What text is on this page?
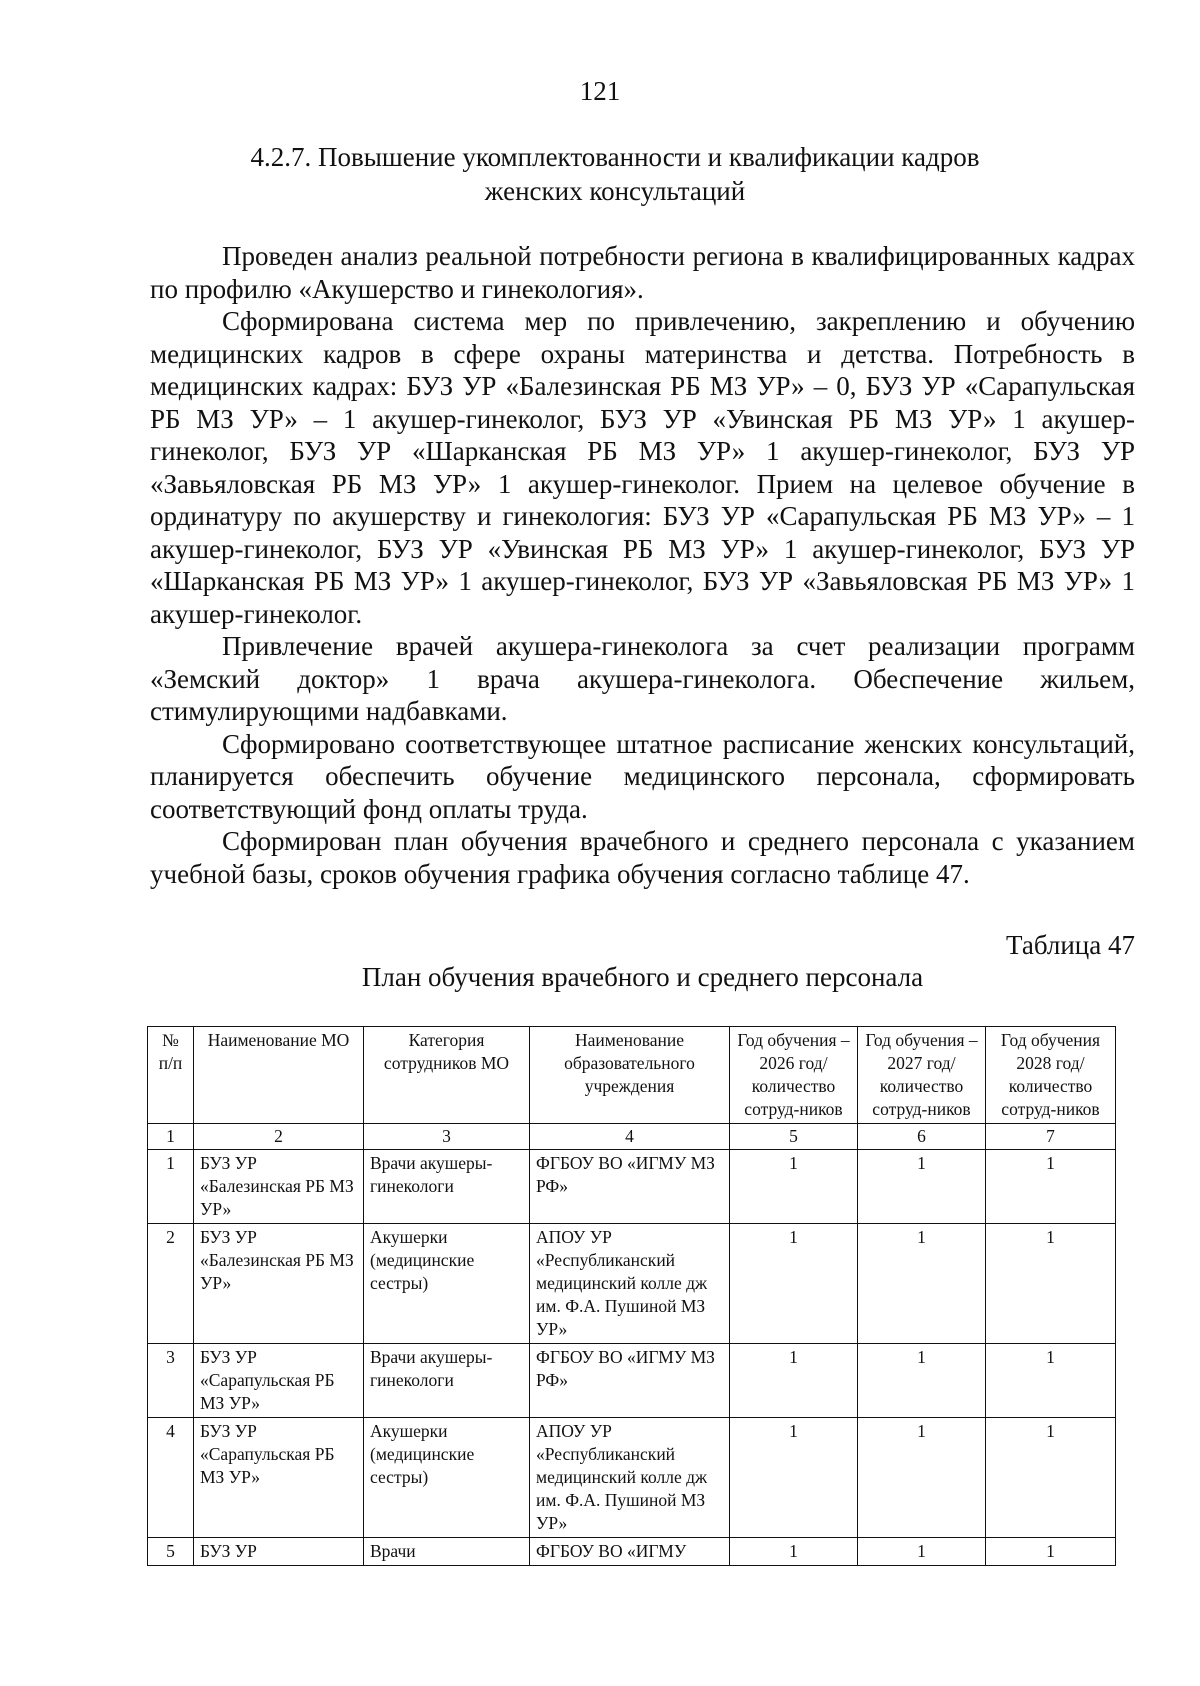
121
4.2.7. Повышение укомплектованности и квалификации кадров
женских консультаций

Проведен анализ реальной потребности региона в квалифицированных кадрах по профилю «Акушерство и гинекология».

Сформирована система мер по привлечению, закреплению и обучению медицинских кадров в сфере охраны материнства и детства. Потребность в медицинских кадрах: БУЗ УР «Балезинская РБ МЗ УР» – 0, БУЗ УР «Сарапульская РБ МЗ УР» – 1 акушер-гинеколог, БУЗ УР «Увинская РБ МЗ УР» 1 акушер-гинеколог, БУЗ УР «Шарканская РБ МЗ УР» 1 акушер-гинеколог, БУЗ УР «Завьяловская РБ МЗ УР» 1 акушер-гинеколог. Прием на целевое обучение в ординатуру по акушерству и гинекология: БУЗ УР «Сарапульская РБ МЗ УР» – 1 акушер-гинеколог, БУЗ УР «Увинская РБ МЗ УР» 1 акушер-гинеколог, БУЗ УР «Шарканская РБ МЗ УР» 1 акушер-гинеколог, БУЗ УР «Завьяловская РБ МЗ УР» 1 акушер-гинеколог.

Привлечение врачей акушера-гинеколога за счет реализации программ «Земский доктор» 1 врача акушера-гинеколога. Обеспечение жильем, стимулирующими надбавками.

Сформировано соответствующее штатное расписание женских консультаций, планируется обеспечить обучение медицинского персонала, сформировать соответствующий фонд оплаты труда.

Сформирован план обучения врачебного и среднего персонала с указанием учебной базы, сроков обучения графика обучения согласно таблице 47.

Таблица 47
План обучения врачебного и среднего персонала
№ п/п	Наименование МО	Категория сотрудников МО	Наименование образовательного учреждения	Год обучения – 2026 год/ количество сотруд-ников	Год обучения – 2027 год/ количество сотруд-ников	Год обучения 2028 год/ количество сотруд-ников
1	2	3	4	5	6	7
1	БУЗ УР «Балезинская РБ МЗ УР»	Врачи акушеры-гинекологи	ФГБОУ ВО «ИГМУ МЗ РФ»	1	1	1
2	БУЗ УР «Балезинская РБ МЗ УР»	Акушерки (медицинские сестры)	АПОУ УР «Республиканский медицинский колле дж им. Ф.А. Пушиной МЗ УР»	1	1	1
3	БУЗ УР «Сарапульская РБ МЗ УР»	Врачи акушеры-гинекологи	ФГБОУ ВО «ИГМУ МЗ РФ»	1	1	1
4	БУЗ УР «Сарапульская РБ МЗ УР»	Акушерки (медицинские сестры)	АПОУ УР «Республиканский медицинский колле дж им. Ф.А. Пушиной МЗ УР»	1	1	1
5	БУЗ УР	Врачи	ФГБОУ ВО «ИГМУ	1	1	1
